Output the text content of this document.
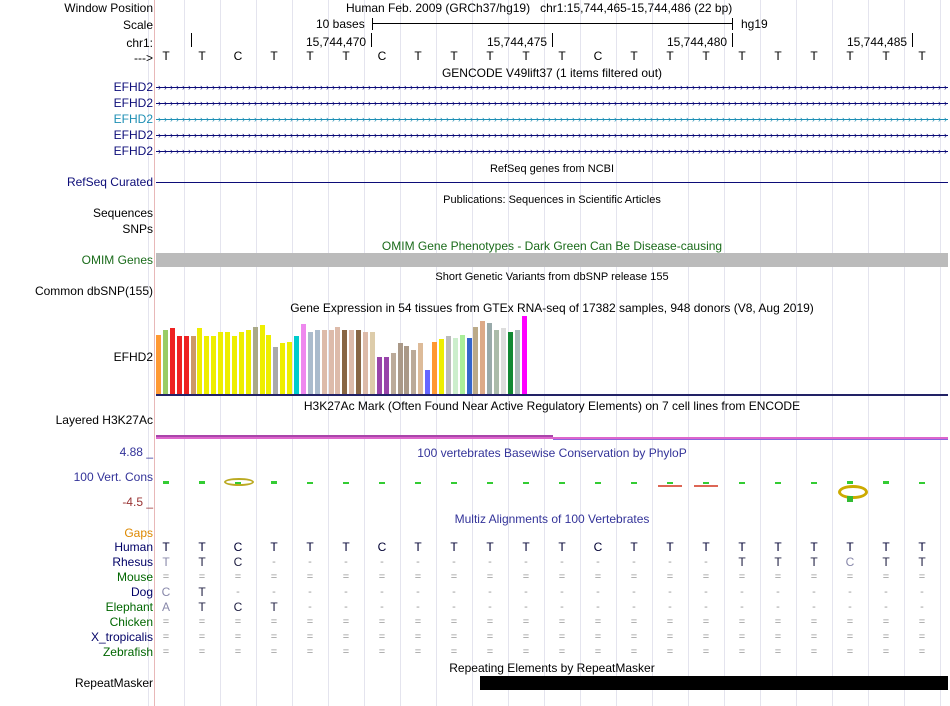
Window Position	Human Feb. 2009 (GRCh37/hg19)   chr1:15,744,465-15,744,486 (22 bp)
Scale	10 bases	hg19
chr1:	15,744,470	15,744,475	15,744,480	15,744,485
---> T T C T T T C T T T T T C T T T T T T T T T
GENCODE V49lift37 (1 items filtered out)
EFHD2 › › › › › › › › › › › › › › › › › › › › › › › › › › › › › › › › › › › › › › › › › › › › › › › › › › › › › › › › › › › › › › › › › › › › › › › › › › › › › › › › › › › › › › › › › › › › › › › › › › › › › › › › › › › › › › › › › › › › › › › › › › › › › › › › › › › ›
EFHD2 › › › › › › › › › › › › › › › › › › › › › › › › › › › › › › › › › › › › › › › › › › › › › › › › › › › › › › › › › › › › › › › › › › › › › › › › › › › › › › › › › › › › › › › › › › › › › › › › › › › › › › › › › › › › › › › › › › › › › › › › › › › › › › › › › › › ›
EFHD2 › › › › › › › › › › › › › › › › › › › › › › › › › › › › › › › › › › › › › › › › › › › › › › › › › › › › › › › › › › › › › › › › › › › › › › › › › › › › › › › › › › › › › › › › › › › › › › › › › › › › › › › › › › › › › › › › › › › › › › › › › › › › › › › › › › › ›
EFHD2 › › › › › › › › › › › › › › › › › › › › › › › › › › › › › › › › › › › › › › › › › › › › › › › › › › › › › › › › › › › › › › › › › › › › › › › › › › › › › › › › › › › › › › › › › › › › › › › › › › › › › › › › › › › › › › › › › › › › › › › › › › › › › › › › › › › ›
EFHD2 › › › › › › › › › › › › › › › › › › › › › › › › › › › › › › › › › › › › › › › › › › › › › › › › › › › › › › › › › › › › › › › › › › › › › › › › › › › › › › › › › › › › › › › › › › › › › › › › › › › › › › › › › › › › › › › › › › › › › › › › › › › › › › › › › › › ›
RefSeq genes from NCBI
RefSeq Curated
Publications: Sequences in Scientific Articles
Sequences
SNPs
OMIM Gene Phenotypes - Dark Green Can Be Disease-causing
OMIM Genes
Short Genetic Variants from dbSNP release 155
Common dbSNP(155)
Gene Expression in 54 tissues from GTEx RNA-seq of 17382 samples, 948 donors (V8, Aug 2019)
EFHD2
H3K27Ac Mark (Often Found Near Active Regulatory Elements) on 7 cell lines from ENCODE
Layered H3K27Ac
4.88 _	100 vertebrates Basewise Conservation by PhyloP
100 Vert. Cons
-4.5 _
Multiz Alignments of 100 Vertebrates
Gaps
Human T T C T T T C T T T T T C T T T T T T T T T
Rhesus T T C	-	-	-	-	-	-	-	-	-	-	-	-	-	T T T C T T
Mouse =	=	=	=	=	=	=	=	=	=	=	=	=	=	=	=	=	=	=	=	=	=
Dog C T	-	-	-	-	-	-	-	-	-	-	-	-	-	-	-	-	-	-	-	-
Elephant A T C T	-	-	-	-	-	-	-	-	-	-	-	-	-	-	-	-	-	-
Chicken =	=	=	=	=	=	=	=	=	=	=	=	=	=	=	=	=	=	=	=	=	=
X_tropicalis =	=	=	=	=	=	=	=	=	=	=	=	=	=	=	=	=	=	=	=	=	=
Zebrafish =	=	=	=	=	=	=	=	=	=	=	=	=	=	=	=	=	=	=	=	=	=
Repeating Elements by RepeatMasker
RepeatMasker
